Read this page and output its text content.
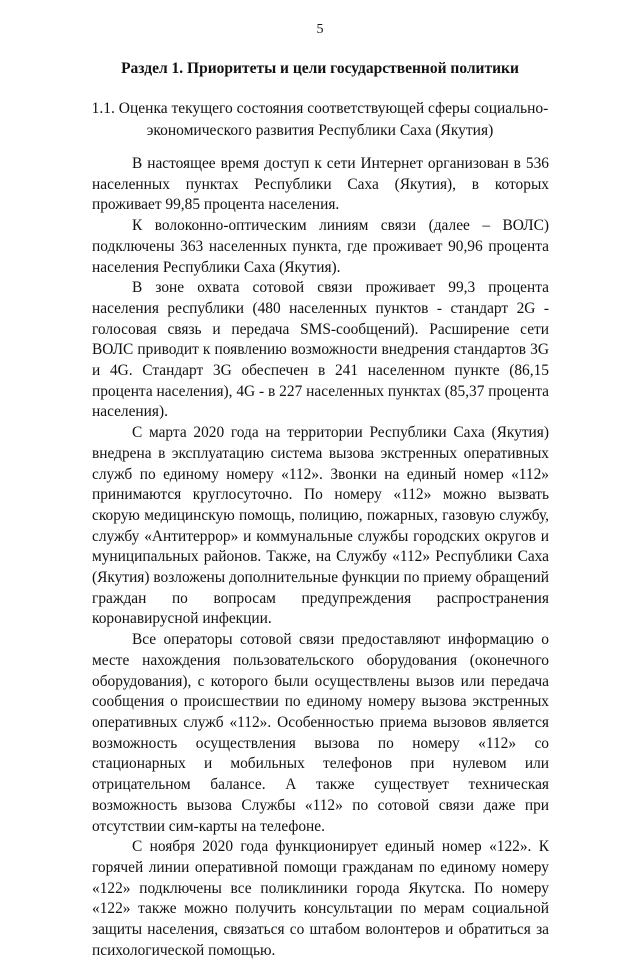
5
Раздел 1. Приоритеты и цели государственной политики
1.1. Оценка текущего состояния соответствующей сферы социально-экономического развития Республики Саха (Якутия)

В настоящее время доступ к сети Интернет организован в 536 населенных пунктах Республики Саха (Якутия), в которых проживает 99,85 процента населения.

К волоконно-оптическим линиям связи (далее – ВОЛС) подключены 363 населенных пункта, где проживает 90,96 процента населения Республики Саха (Якутия).

В зоне охвата сотовой связи проживает 99,3 процента населения республики (480 населенных пунктов - стандарт 2G - голосовая связь и передача SMS-сообщений). Расширение сети ВОЛС приводит к появлению возможности внедрения стандартов 3G и 4G. Стандарт 3G обеспечен в 241 населенном пункте (86,15 процента населения), 4G - в 227 населенных пунктах (85,37 процента населения).

С марта 2020 года на территории Республики Саха (Якутия) внедрена в эксплуатацию система вызова экстренных оперативных служб по единому номеру «112». Звонки на единый номер «112» принимаются круглосуточно. По номеру «112» можно вызвать скорую медицинскую помощь, полицию, пожарных, газовую службу, службу «Антитеррор» и коммунальные службы городских округов и муниципальных районов. Также, на Службу «112» Республики Саха (Якутия) возложены дополнительные функции по приему обращений граждан по вопросам предупреждения распространения коронавирусной инфекции.

Все операторы сотовой связи предоставляют информацию о месте нахождения пользовательского оборудования (оконечного оборудования), с которого были осуществлены вызов или передача сообщения о происшествии по единому номеру вызова экстренных оперативных служб «112». Особенностью приема вызовов является возможность осуществления вызова по номеру «112» со стационарных и мобильных телефонов при нулевом или отрицательном балансе. А также существует техническая возможность вызова Службы «112» по сотовой связи даже при отсутствии сим-карты на телефоне.

С ноября 2020 года функционирует единый номер «122». К горячей линии оперативной помощи гражданам по единому номеру «122» подключены все поликлиники города Якутска. По номеру «122» также можно получить консультации по мерам социальной защиты населения, связаться со штабом волонтеров и обратиться за психологической помощью.
